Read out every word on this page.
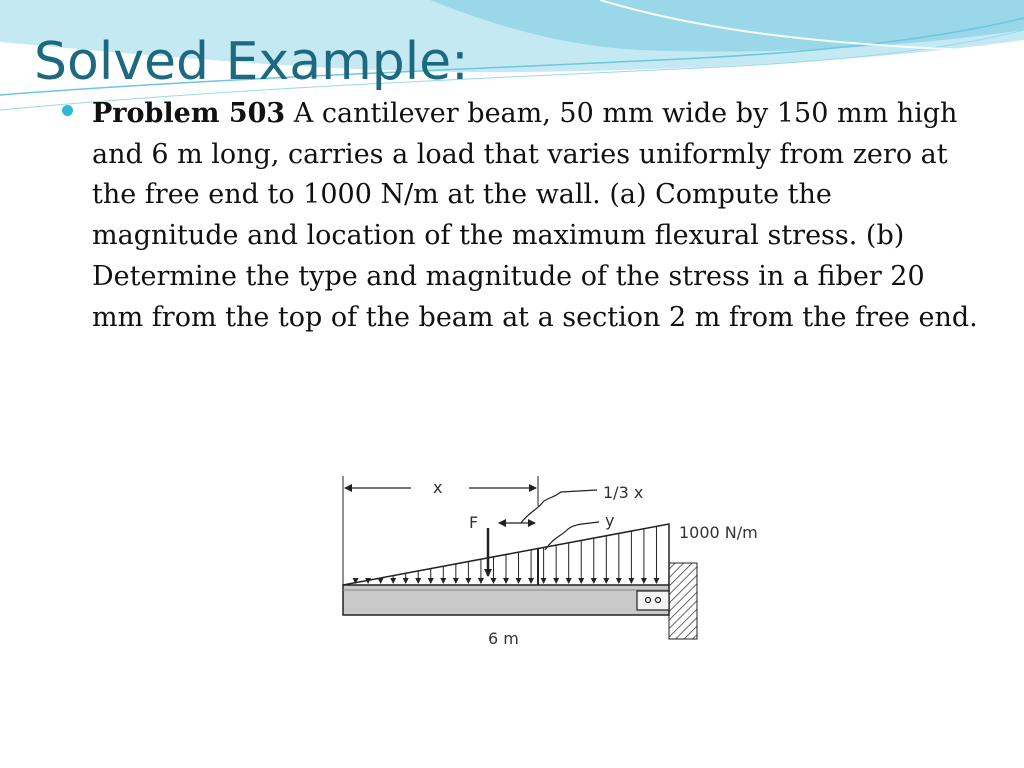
Solved Example:

Problem 503 A cantilever beam, 50 mm wide by 150 mm high and 6 m long, carries a load that varies uniformly from zero at the free end to 1000 N/m at the wall. (a) Compute the magnitude and location of the maximum flexural stress. (b) Determine the type and magnitude of the stress in a fiber 20 mm from the top of the beam at a section 2 m from the free end.

F	y
x	1/3 x
1000 N/m
6 m
